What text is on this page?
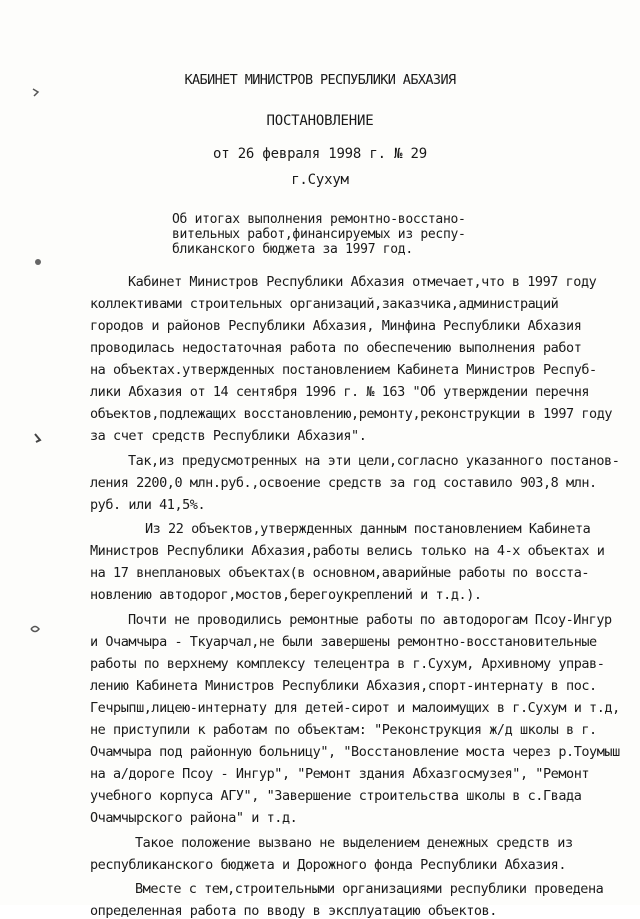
КАБИНЕТ МИНИСТРОВ РЕСПУБЛИКИ АБХАЗИЯ
ПОСТАНОВЛЕНИЕ
от 26 февраля 1998 г. № 29
г.Сухум
Об итогах выполнения ремонтно-восстано-
вительных работ,финансируемых из респу-
бликанского бюджета за 1997 год.
Кабинет Министров Республики Абхазия отмечает,что в 1997 году
коллективами строительных организаций,заказчика,администраций
городов и районов Республики Абхазия, Минфина Республики Абхазия
проводилась недостаточная работа по обеспечению выполнения работ
на объектах.утвержденных постановлением Кабинета Министров Респуб-
лики Абхазия от 14 сентября 1996 г. № 163 "Об утверждении перечня
объектов,подлежащих восстановлению,ремонту,реконструкции в 1997 году
за счет средств Республики Абхазия".
Так,из предусмотренных на эти цели,согласно указанного постанов-
ления 2200,0 млн.руб.,освоение средств за год составило 903,8 млн.
руб. или 41,5%.
Из 22 объектов,утвержденных данным постановлением Кабинета
Министров Республики Абхазия,работы велись только на 4-х объектах и
на 17 внеплановых объектах(в основном,аварийные работы по восста-
новлению автодорог,мостов,берегоукреплений и т.д.).
Почти не проводились ремонтные работы по автодорогам Псоу-Ингур
и Очамчыра - Ткуарчал,не были завершены ремонтно-восстановительные
работы по верхнему комплексу телецентра в г.Сухум, Архивному управ-
лению Кабинета Министров Республики Абхазия,спорт-интернату в пос.
Гечрыпш,лицею-интернату для детей-сирот и малоимущих в г.Сухум и т.д,
не приступили к работам по объектам: "Реконструкция ж/д школы в г.
Очамчыра под районную больницу", "Восстановление моста через р.Тоумыш
на а/дороге Псоу - Ингур", "Ремонт здания Абхазгосмузея", "Ремонт
учебного корпуса АГУ", "Завершение строительства школы в с.Гвада
Очамчырского района" и т.д.
Такое положение вызвано не выделением денежных средств из
республиканского бюджета и Дорожного фонда Республики Абхазия.
Вместе с тем,строительными организациями республики проведена
определенная работа по вводу в эксплуатацию объектов.
